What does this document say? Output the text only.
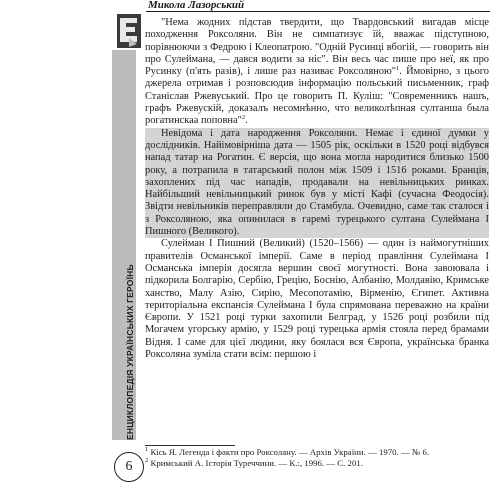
Микола Лазорський
ЕНЦИКЛОПЕДІЯ УКРАЇНСЬКИХ ГЕРОЇНЬ
6

"Нема жодних підстав твердити, що Твардовський вигадав місце походження Роксоляни. Він не симпатизує їй, вважає підступною, порівнюючи з Федрою і Клеопатрою. "Одній Русинці вбогій, — говорить він про Сулеймана, — дався водити за ніс". Він весь час пише про неї, як про Русинку (п'ять разів), і лише раз називає Роксоляною"$^1$. Ймовірно, з цього джерела отримав і розповсюдив інформацію польський письменник, граф Станіслав Ржевуський. Про це говорить П. Куліш: "Современникъ нашъ, графъ Ржевускій, доказалъ несомнѣнно, что великолѣпная султанша была рогатинскаа поповна"$^2$.

Невідома і дата народження Роксоляни. Немає і єдиної думки у дослідників. Найімовірніша дата — 1505 рік, оскільки в 1520 році відбувся напад татар на Рогатин. Є версія, що вона могла народитися близько 1500 року, а потрапила в татарський полон між 1509 і 1516 роками. Бранців, захоплених під час нападів, продавали на невільницьких ринках. Найбільший невільницький ринок був у місті Кафі (сучасна Феодосія). Звідти невільників переправляли до Стамбула. Очевидно, саме так сталося і з Роксоляною, яка опинилася в гаремі турецького султана Сулеймана І Пишного (Великого).

Сулейман І Пишний (Великий) (1520–1566) — один із наймогутніших правителів Османської імперії. Саме в період правління Сулеймана І Османська імперія досягла вершин своєї могутності. Вона завоювала і підкорила Болгарію, Сербію, Грецію, Боснію, Албанію, Молдавію, Кримське ханство, Малу Азію, Сирію, Месопотамію, Вірменію, Єгипет. Активна територіальна експансія Сулеймана І була спрямована переважно на країни Європи. У 1521 році турки захопили Белград, у 1526 році розбили під Могачем угорську армію, у 1529 році турецька армія стояла перед брамами Відня. І саме для цієї людини, яку боялася вся Європа, українська бранка Роксоляна зуміла стати всім: першою і

$^1$ Кісь Я. Легенда і факти про Роксолану. — Архів України. — 1970. — № 6.
$^2$ Кримський А. Історія Туреччини. — К.:, 1996. — С. 201.
